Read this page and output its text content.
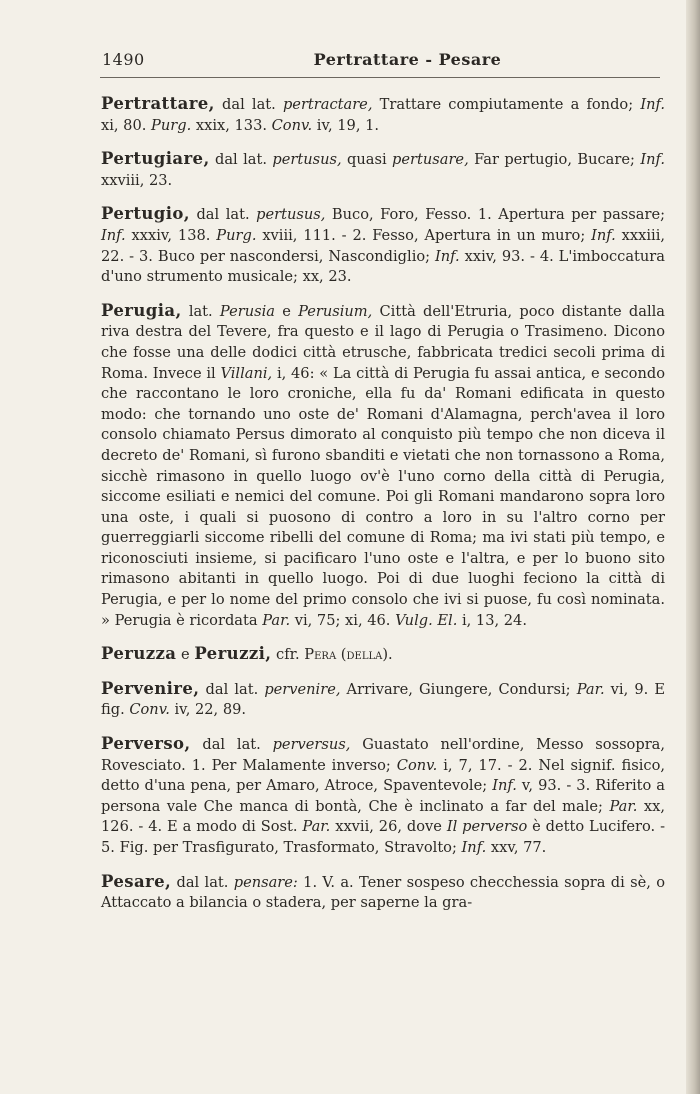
1490	Pertrattare - Pesare

Pertrattare, dal lat. pertractare, Trattare compiutamente a fondo; Inf. xi, 80. Purg. xxix, 133. Conv. iv, 19, 1.

Pertugiare, dal lat. pertusus, quasi pertusare, Far pertugio, Bucare; Inf. xxviii, 23.

Pertugio, dal lat. pertusus, Buco, Foro, Fesso. 1. Apertura per passare; Inf. xxxiv, 138. Purg. xviii, 111. - 2. Fesso, Apertura in un muro; Inf. xxxiii, 22. - 3. Buco per nascondersi, Nascondiglio; Inf. xxiv, 93. - 4. L'imboccatura d'uno strumento musicale; xx, 23.

Perugia, lat. Perusia e Perusium, Città dell'Etruria, poco distante dalla riva destra del Tevere, fra questo e il lago di Perugia o Trasimeno. Dicono che fosse una delle dodici città etrusche, fabbricata tredici secoli prima di Roma. Invece il Villani, i, 46: « La città di Perugia fu assai antica, e secondo che raccontano le loro croniche, ella fu da' Romani edificata in questo modo: che tornando uno oste de' Romani d'Alamagna, perch'avea il loro consolo chiamato Persus dimorato al conquisto più tempo che non diceva il decreto de' Romani, sì furono sbanditi e vietati che non tornassono a Roma, sicchè rimasono in quello luogo ov'è l'uno corno della città di Perugia, siccome esiliati e nemici del comune. Poi gli Romani mandarono sopra loro una oste, i quali si puosono di contro a loro in su l'altro corno per guerreggiarli siccome ribelli del comune di Roma; ma ivi stati più tempo, e riconosciuti insieme, si pacificaro l'uno oste e l'altra, e per lo buono sito rimasono abitanti in quello luogo. Poi di due luoghi feciono la città di Perugia, e per lo nome del primo consolo che ivi si puose, fu così nominata. » Perugia è ricordata Par. vi, 75; xi, 46. Vulg. El. i, 13, 24.

Peruzza e Peruzzi, cfr. Pera (della).

Pervenire, dal lat. pervenire, Arrivare, Giungere, Condursi; Par. vi, 9. E fig. Conv. iv, 22, 89.

Perverso, dal lat. perversus, Guastato nell'ordine, Messo sossopra, Rovesciato. 1. Per Malamente inverso; Conv. i, 7, 17. - 2. Nel signif. fisico, detto d'una pena, per Amaro, Atroce, Spaventevole; Inf. v, 93. - 3. Riferito a persona vale Che manca di bontà, Che è inclinato a far del male; Par. xx, 126. - 4. E a modo di Sost. Par. xxvii, 26, dove Il perverso è detto Lucifero. - 5. Fig. per Trasfigurato, Trasformato, Stravolto; Inf. xxv, 77.

Pesare, dal lat. pensare: 1. V. a. Tener sospeso checchessia sopra di sè, o Attaccato a bilancia o stadera, per saperne la gra-
